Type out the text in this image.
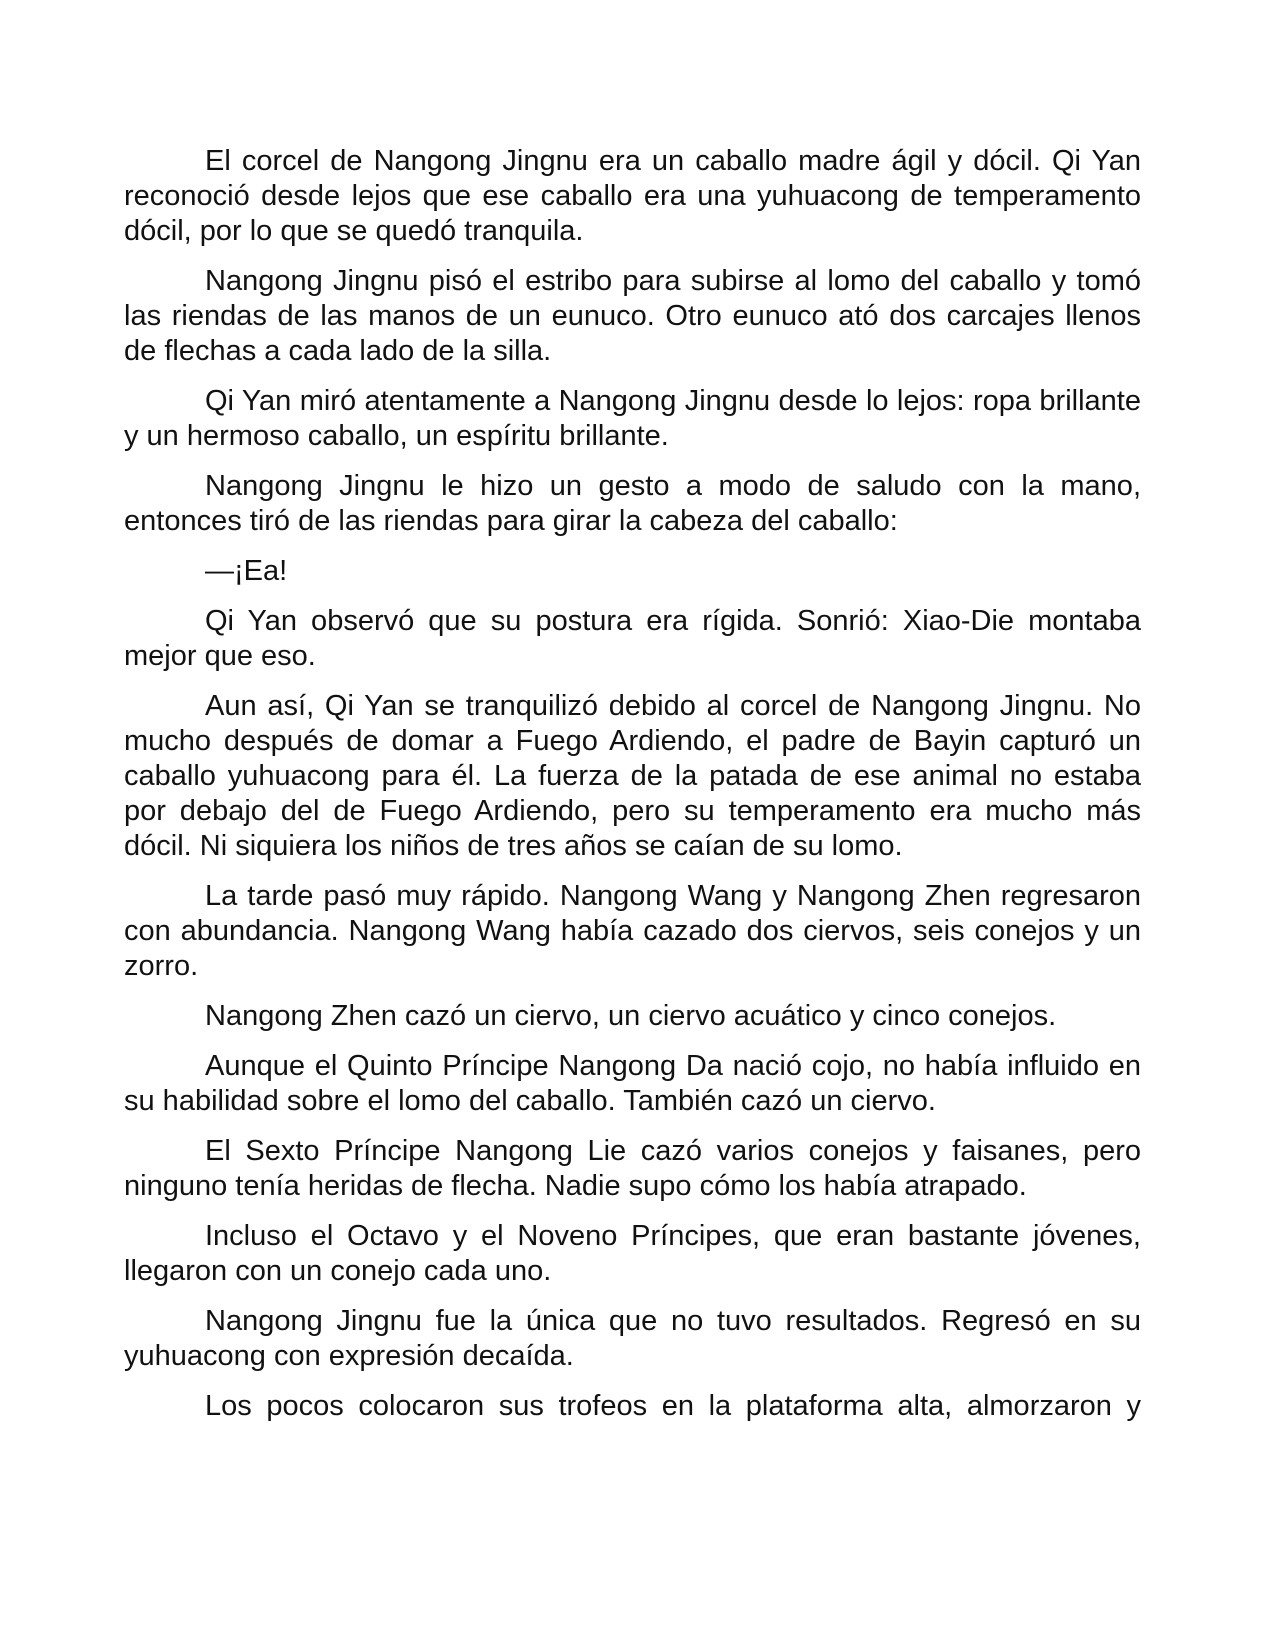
El corcel de Nangong Jingnu era un caballo madre ágil y dócil. Qi Yan reconoció desde lejos que ese caballo era una yuhuacong de temperamento dócil, por lo que se quedó tranquila.

Nangong Jingnu pisó el estribo para subirse al lomo del caballo y tomó las riendas de las manos de un eunuco. Otro eunuco ató dos carcajes llenos de flechas a cada lado de la silla.

Qi Yan miró atentamente a Nangong Jingnu desde lo lejos: ropa brillante y un hermoso caballo, un espíritu brillante.

Nangong Jingnu le hizo un gesto a modo de saludo con la mano, entonces tiró de las riendas para girar la cabeza del caballo:

—¡Ea!

Qi Yan observó que su postura era rígida. Sonrió: Xiao-Die montaba mejor que eso.

Aun así, Qi Yan se tranquilizó debido al corcel de Nangong Jingnu. No mucho después de domar a Fuego Ardiendo, el padre de Bayin capturó un caballo yuhuacong para él. La fuerza de la patada de ese animal no estaba por debajo del de Fuego Ardiendo, pero su temperamento era mucho más dócil. Ni siquiera los niños de tres años se caían de su lomo.

La tarde pasó muy rápido. Nangong Wang y Nangong Zhen regresaron con abundancia. Nangong Wang había cazado dos ciervos, seis conejos y un zorro.

Nangong Zhen cazó un ciervo, un ciervo acuático y cinco conejos.

Aunque el Quinto Príncipe Nangong Da nació cojo, no había influido en su habilidad sobre el lomo del caballo. También cazó un ciervo.

El Sexto Príncipe Nangong Lie cazó varios conejos y faisanes, pero ninguno tenía heridas de flecha. Nadie supo cómo los había atrapado.

Incluso el Octavo y el Noveno Príncipes, que eran bastante jóvenes, llegaron con un conejo cada uno.

Nangong Jingnu fue la única que no tuvo resultados. Regresó en su yuhuacong con expresión decaída.

Los pocos colocaron sus trofeos en la plataforma alta, almorzaron y
